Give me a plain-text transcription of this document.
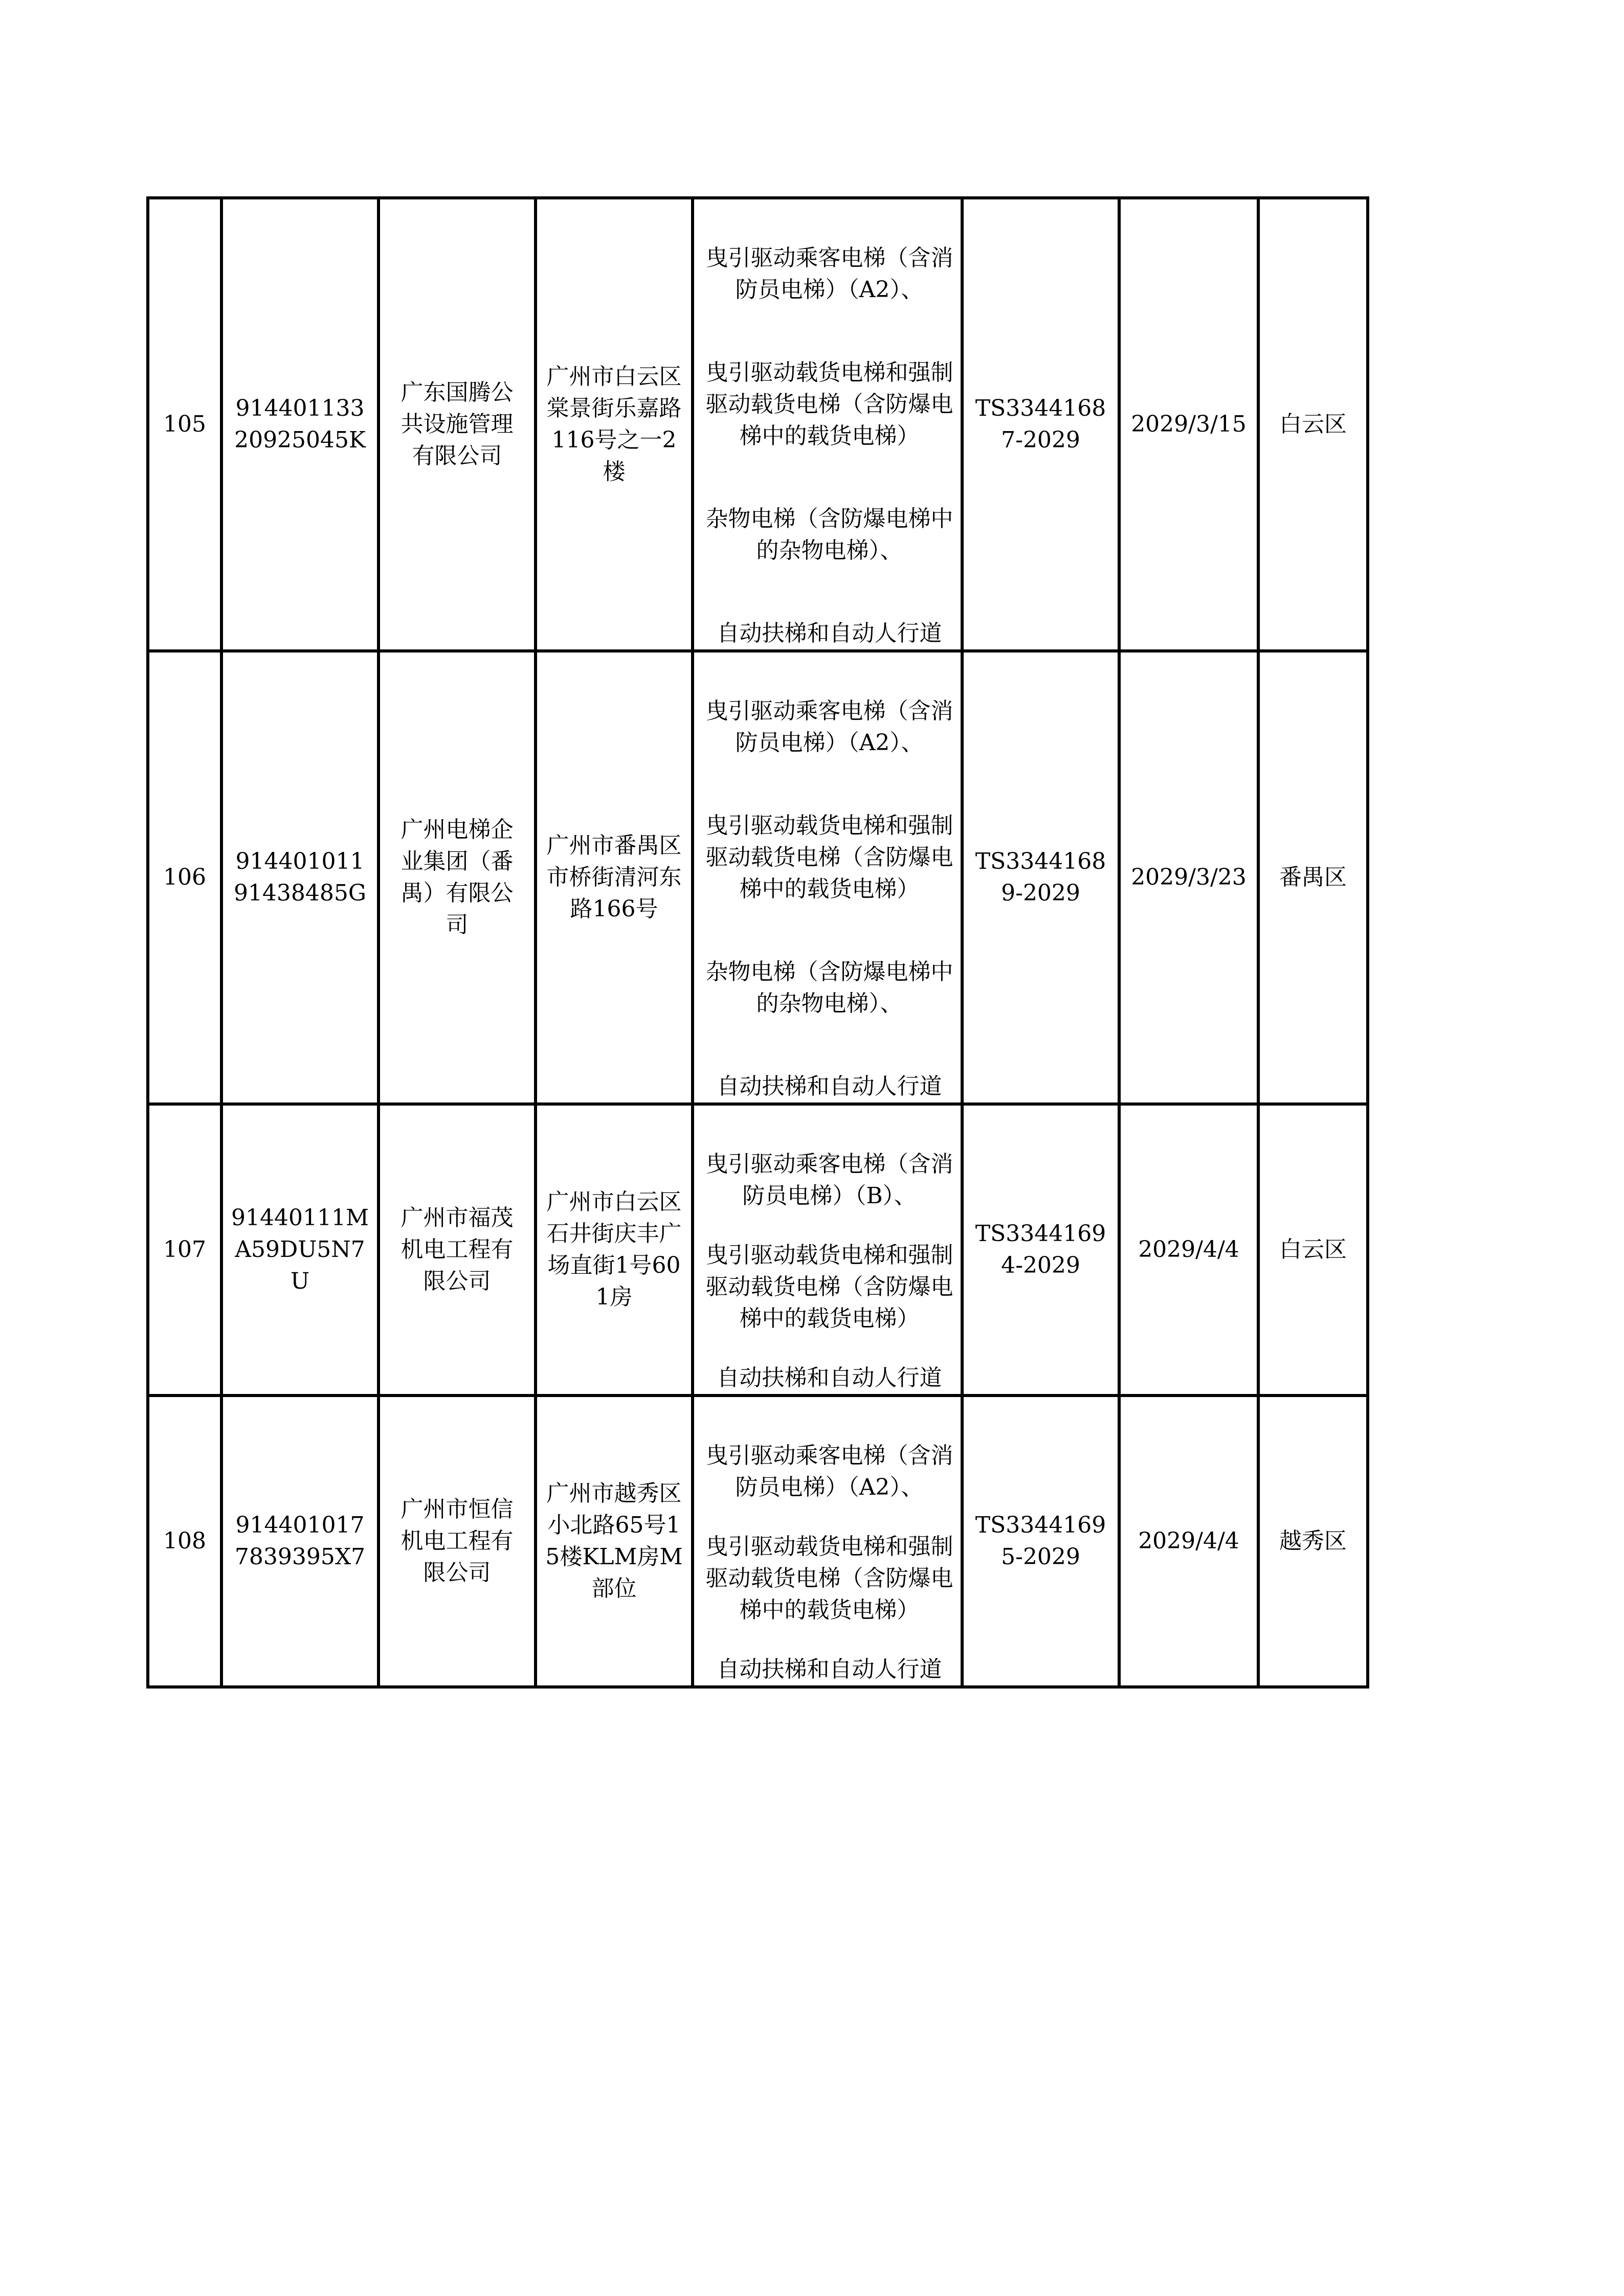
105	91440113320925045K	广东国腾公共设施管理有限公司	广州市白云区棠景街乐嘉路116号之一2楼	曳引驱动乘客电梯（含消防员电梯）（A2）、
曳引驱动载货电梯和强制驱动载货电梯（含防爆电梯中的载货电梯）
杂物电梯（含防爆电梯中的杂物电梯）、
自动扶梯和自动人行道	TS33441687-2029	2029/3/15	白云区
106	91440101191438485G	广州电梯企业集团（番禺）有限公司	广州市番禺区市桥街清河东路166号	曳引驱动乘客电梯（含消防员电梯）（A2）、
曳引驱动载货电梯和强制驱动载货电梯（含防爆电梯中的载货电梯）
杂物电梯（含防爆电梯中的杂物电梯）、
自动扶梯和自动人行道	TS33441689-2029	2029/3/23	番禺区
107	91440111MA59DU5N7U	广州市福茂机电工程有限公司	广州市白云区石井街庆丰广场直街1号601房	曳引驱动乘客电梯（含消防员电梯）（B）、
曳引驱动载货电梯和强制驱动载货电梯（含防爆电梯中的载货电梯）
自动扶梯和自动人行道	TS33441694-2029	2029/4/4	白云区
108	9144010177839395X7	广州市恒信机电工程有限公司	广州市越秀区小北路65号15楼KLM房M部位	曳引驱动乘客电梯（含消防员电梯）（A2）、
曳引驱动载货电梯和强制驱动载货电梯（含防爆电梯中的载货电梯）
自动扶梯和自动人行道	TS33441695-2029	2029/4/4	越秀区
